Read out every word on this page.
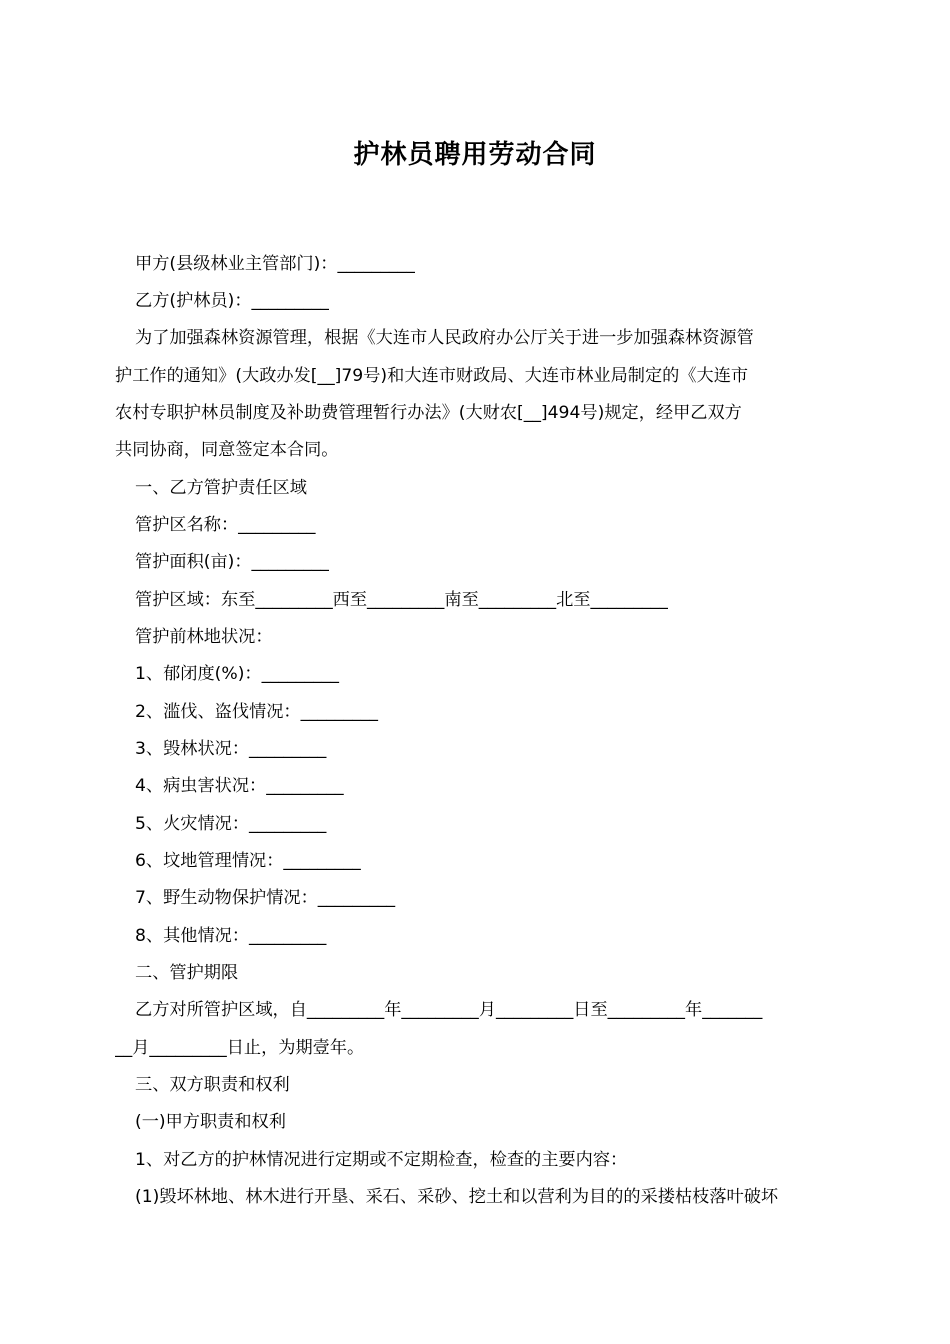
护林员聘用劳动合同
甲方(县级林业主管部门)：_________
乙方(护林员)：_________
为了加强森林资源管理，根据《大连市人民政府办公厅关于进一步加强森林资源管
护工作的通知》(大政办发[__]79号)和大连市财政局、大连市林业局制定的《大连市
农村专职护林员制度及补助费管理暂行办法》(大财农[__]494号)规定，经甲乙双方
共同协商，同意签定本合同。
一、乙方管护责任区域
管护区名称：_________
管护面积(亩)：_________
管护区域：东至_________西至_________南至_________北至_________
管护前林地状况：
1、郁闭度(%)：_________
2、滥伐、盗伐情况：_________
3、毁林状况：_________
4、病虫害状况：_________
5、火灾情况：_________
6、坟地管理情况：_________
7、野生动物保护情况：_________
8、其他情况：_________
二、管护期限
乙方对所管护区域，自_________年_________月_________日至_________年_______
__月_________日止，为期壹年。
三、双方职责和权利
(一)甲方职责和权利
1、对乙方的护林情况进行定期或不定期检查，检查的主要内容：
(1)毁坏林地、林木进行开垦、采石、采砂、挖土和以营利为目的的采搂枯枝落叶破坏
